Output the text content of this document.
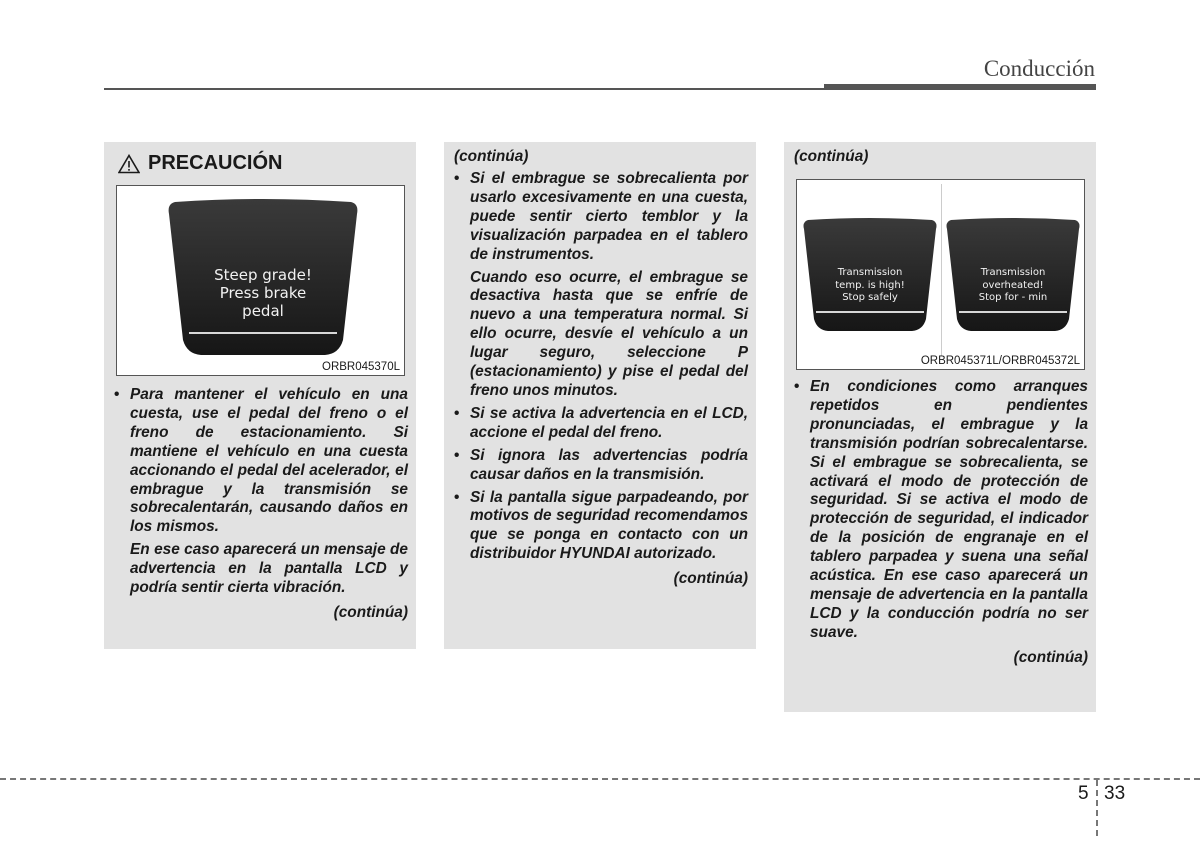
Conducción
PRECAUCIÓN
Steep grade!
Press brake
pedal
ORBR045370L
• Para mantener el vehículo en una cuesta, use el pedal del freno o el freno de estacionamiento. Si mantiene el vehículo en una cuesta accionando el pedal del acelerador, el embrague y la transmisión se sobrecalentarán, causando daños en los mismos.
En ese caso aparecerá un mensaje de advertencia en la pantalla LCD y podría sentir cierta vibración.
(continúa)
(continúa)
• Si el embrague se sobrecalienta por usarlo excesivamente en una cuesta, puede sentir cierto temblor y la visualización parpadea en el tablero de instrumentos.
Cuando eso ocurre, el embrague se desactiva hasta que se enfríe de nuevo a una temperatura normal. Si ello ocurre, desvíe el vehículo a un lugar seguro, seleccione P (estacionamiento) y pise el pedal del freno unos minutos.
• Si se activa la advertencia en el LCD, accione el pedal del freno.
• Si ignora las advertencias podría causar daños en la transmisión.
• Si la pantalla sigue parpadeando, por motivos de seguridad recomendamos que se ponga en contacto con un distribuidor HYUNDAI autorizado.
(continúa)
(continúa)
Transmission
temp. is high!
Stop safely
Transmission
overheated!
Stop for - min
ORBR045371L/ORBR045372L
• En condiciones como arranques repetidos en pendientes pronunciadas, el embrague y la transmisión podrían sobrecalentarse. Si el embrague se sobrecalienta, se activará el modo de protección de seguridad. Si se activa el modo de protección de seguridad, el indicador de la posición de engranaje en el tablero parpadea y suena una señal acústica. En ese caso aparecerá un mensaje de advertencia en la pantalla LCD y la conducción podría no ser suave.
(continúa)
5 33
